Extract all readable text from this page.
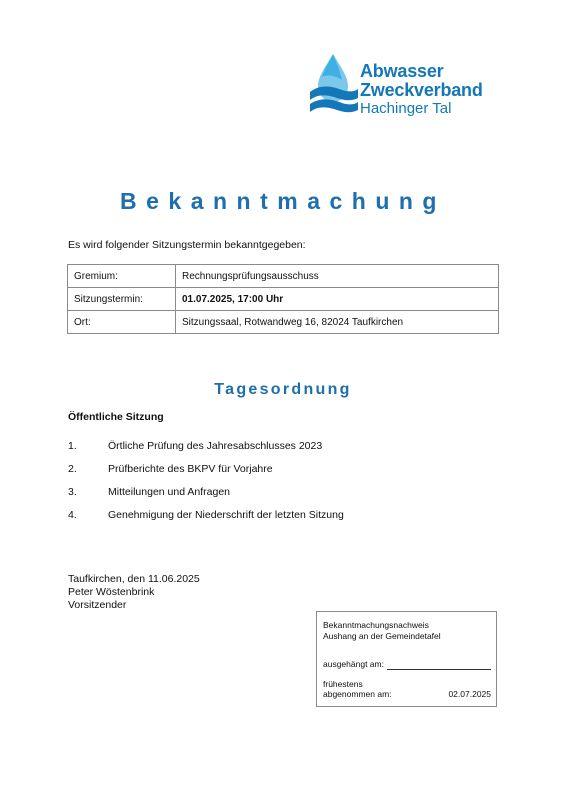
Abwasser
Zweckverband
Hachinger Tal
Bekanntmachung
Es wird folgender Sitzungstermin bekanntgegeben:
Gremium:	Rechnungsprüfungsausschuss
Sitzungstermin:	01.07.2025, 17:00 Uhr
Ort:	Sitzungssaal, Rotwandweg 16, 82024 Taufkirchen
Tagesordnung
Öffentliche Sitzung
1.	Örtliche Prüfung des Jahresabschlusses 2023
2.	Prüfberichte des BKPV für Vorjahre
3.	Mitteilungen und Anfragen
4.	Genehmigung der Niederschrift der letzten Sitzung
Taufkirchen, den 11.06.2025
Peter Wöstenbrink
Vorsitzender
Bekanntmachungsnachweis
Aushang an der Gemeindetafel
ausgehängt am:
frühestens
abgenommen am:	02.07.2025
